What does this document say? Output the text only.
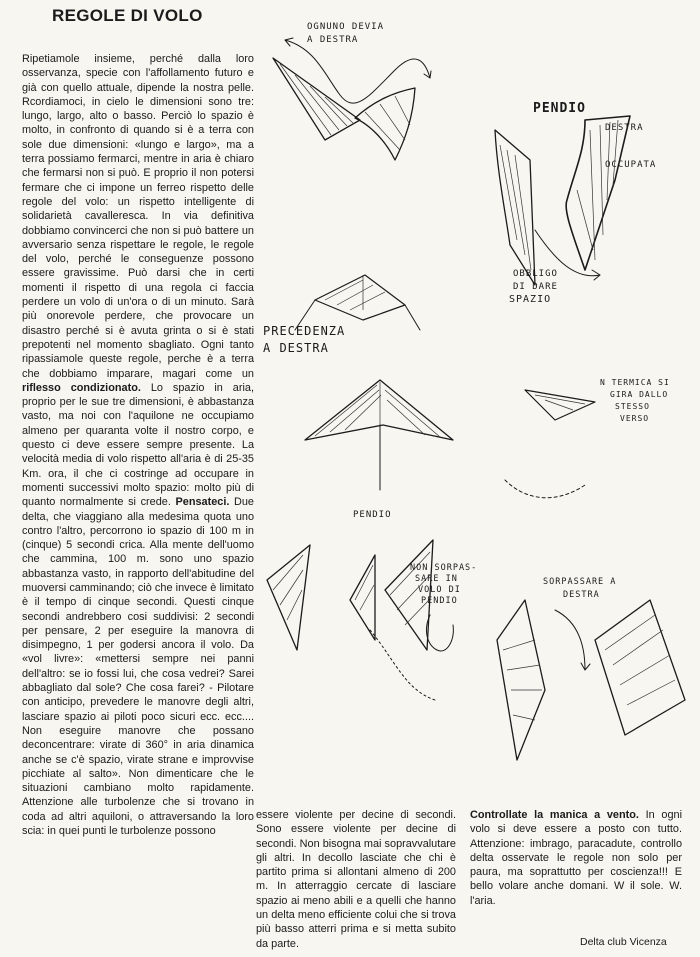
REGOLE DI VOLO

Ripetiamole insieme, perché dalla loro osservanza, specie con l'affollamento futuro e già con quello attuale, dipende la nostra pelle. Rcordiamoci, in cielo le dimensioni sono tre: lungo, largo, alto o basso. Perciò lo spazio è molto, in confronto di quando si è a terra con sole due dimensioni: «lungo e largo», ma a terra possiamo fermarci, mentre in aria è chiaro che fermarsi non si può. E proprio il non potersi fermare che ci impone un ferreo rispetto delle regole del volo: un rispetto intelligente di solidarietà cavalleresca. In via definitiva dobbiamo convincerci che non si può battere un avversario senza rispettare le regole, le regole del volo, perché le conseguenze possono essere gravissime. Può darsi che in certi momenti il rispetto di una regola ci faccia perdere un volo di un'ora o di un minuto. Sarà più onorevole perdere, che provocare un disastro perché si è avuta grinta o si è stati prepotenti nel momento sbagliato. Ogni tanto ripassiamole queste regole, perche è a terra che dobbiamo imparare, magari come un riflesso condizionato. Lo spazio in aria, proprio per le sue tre dimensioni, è abbastanza vasto, ma noi con l'aquilone ne occupiamo almeno per quaranta volte il nostro corpo, e questo ci deve essere sempre presente. La velocità media di volo rispetto all'aria è di 25-35 Km. ora, il che ci costringe ad occupare in momenti successivi molto spazio: molto più di quanto normalmente si crede. Pensateci. Due delta, che viaggiano alla medesima quota uno contro l'altro, percorrono io spazio di 100 m in (cinque) 5 secondi crica. Alla mente dell'uomo che cammina, 100 m. sono uno spazio abbastanza vasto, in rapporto dell'abitudine del muoversi camminando; ciò che invece è limitato è il tempo di cinque secondi. Questi cinque secondi andrebbero cosi suddivisi: 2 secondi per pensare, 2 per eseguire la manovra di disimpegno, 1 per godersi ancora il volo. Da «vol livre»: «mettersi sempre nei panni dell'altro: se io fossi lui, che cosa vedrei? Sarei abbagliato dal sole? Che cosa farei? - Pilotare con anticipo, prevedere le manovre degli altri, lasciare spazio ai piloti poco sicuri ecc. ecc.... Non eseguire manovre che possano deconcentrare: virate di 360° in aria dinamica anche se c'è spazio, virate strane e improvvise picchiate al salto». Non dimenticare che le situazioni cambiano molto rapidamente. Attenzione alle turbolenze che si trovano in coda ad altri aquiloni, o attraversando la loro scia: in quei punti le turbolenze possono

essere violente per decine di secondi. Sono essere violente per decine di secondi. Non bisogna mai sopravvalutare gli altri. In decollo lasciate che chi è partito prima si allontani almeno di 200 m. In atterraggio cercate di lasciare spazio ai meno abili e a quelli che hanno un delta meno efficiente colui che si trova più basso atterri prima e si metta subito da parte.

Controllate la manica a vento. In ogni volo si deve essere a posto con tutto. Attenzione: imbrago, paracadute, controllo delta osservate le regole non solo per paura, ma soprattutto per coscienza!!! E bello volare anche domani. W il sole. W. l'aria.

Delta club Vicenza

OGNUNO DEVIA
A DESTRA
PENDIO
DESTRA
OCCUPATA
OBBLIGO
DI DARE
SPAZIO
PRECEDENZA
A DESTRA
N TERMICA SI
GIRA DALLO
STESSO
VERSO
PENDIO
NON SORPAS-
SARE IN
VOLO DI
PENDIO
SORPASSARE A
DESTRA
